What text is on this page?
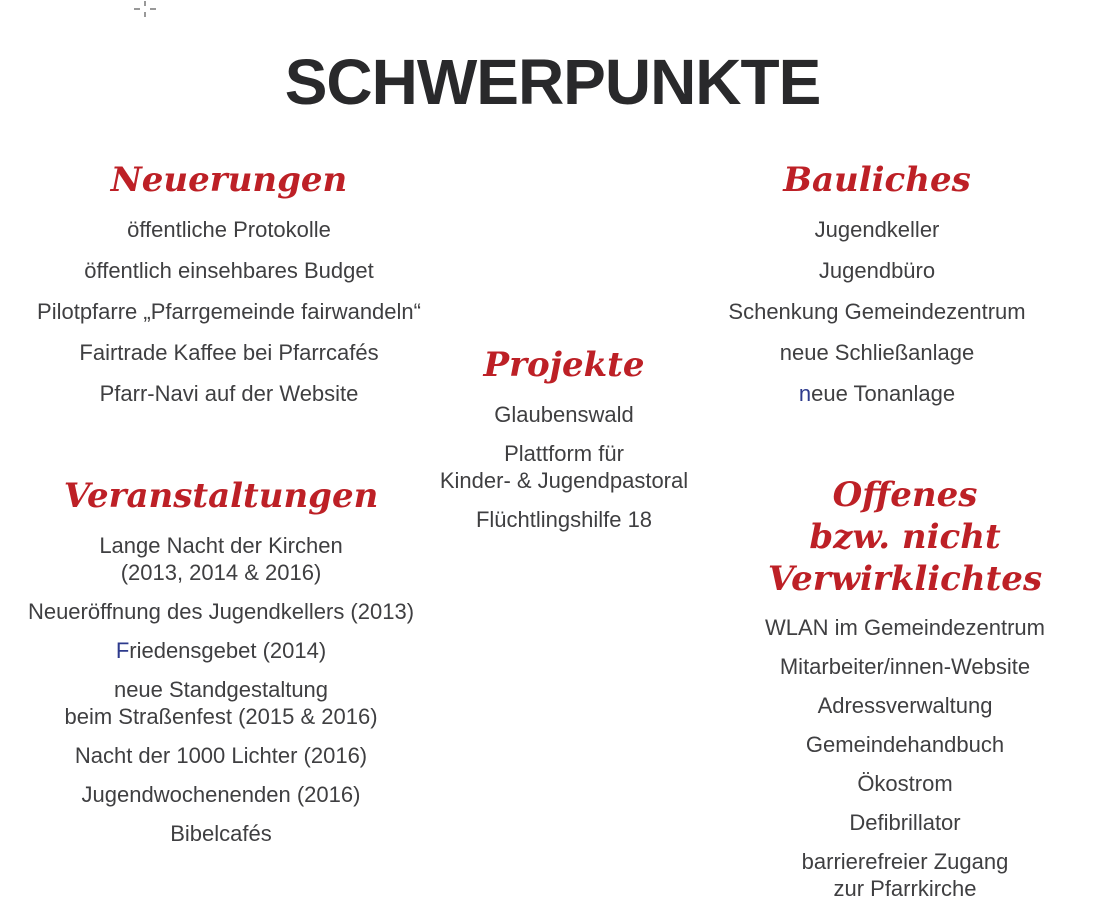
SCHWERPUNKTE
Neuerungen
öffentliche Protokolle
öffentlich einsehbares Budget
Pilotpfarre „Pfarrgemeinde fairwandeln“
Fairtrade Kaffee bei Pfarrcafés
Pfarr-Navi auf der Website
Veranstaltungen
Lange Nacht der Kirchen
(2013, 2014 & 2016)
Neueröffnung des Jugendkellers (2013)
Friedensgebet (2014)
neue Standgestaltung
beim Straßenfest (2015 & 2016)
Nacht der 1000 Lichter (2016)
Jugendwochenenden (2016)
Bibelcafés
Projekte
Glaubenswald
Plattform für
Kinder- & Jugendpastoral
Flüchtlingshilfe 18
Bauliches
Jugendkeller
Jugendbüro
Schenkung Gemeindezentrum
neue Schließanlage
neue Tonanlage
Offenes
bzw. nicht Verwirklichtes
WLAN im Gemeindezentrum
Mitarbeiter/innen-Website
Adressverwaltung
Gemeindehandbuch
Ökostrom
Defibrillator
barrierefreier Zugang
zur Pfarrkirche
